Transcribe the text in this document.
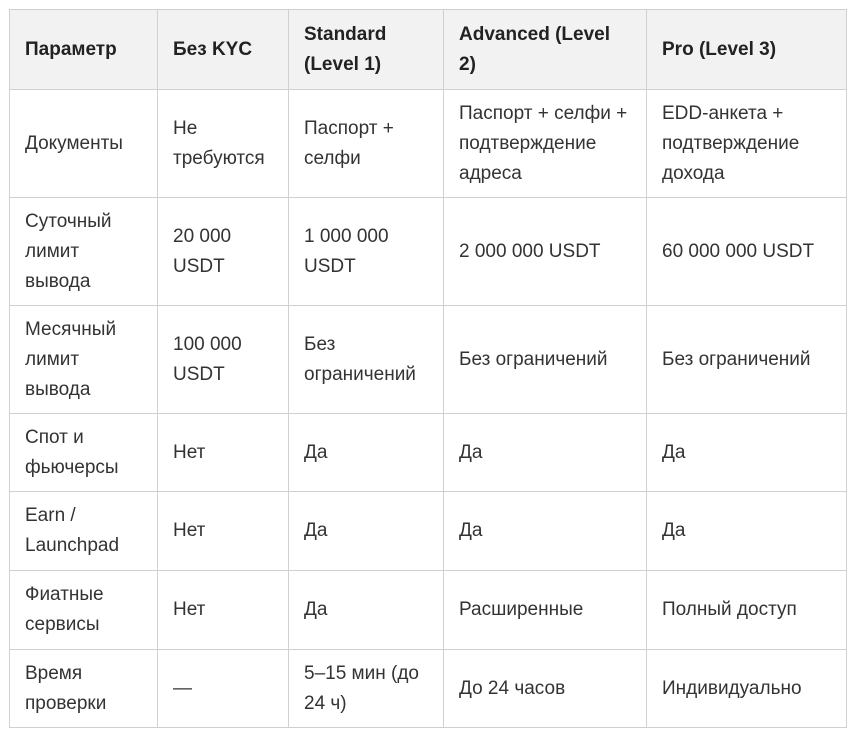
Параметр	Без KYC	Standard (Level 1)	Advanced (Level 2)	Pro (Level 3)
Документы	Не требуются	Паспорт + селфи	Паспорт + селфи + подтверждение адреса	EDD-анкета + подтверждение дохода
Суточный лимит вывода	20 000 USDT	1 000 000 USDT	2 000 000 USDT	60 000 000 USDT
Месячный лимит вывода	100 000 USDT	Без ограничений	Без ограничений	Без ограничений
Спот и фьючерсы	Нет	Да	Да	Да
Earn / Launchpad	Нет	Да	Да	Да
Фиатные сервисы	Нет	Да	Расширенные	Полный доступ
Время проверки	—	5–15 мин (до 24 ч)	До 24 часов	Индивидуально
